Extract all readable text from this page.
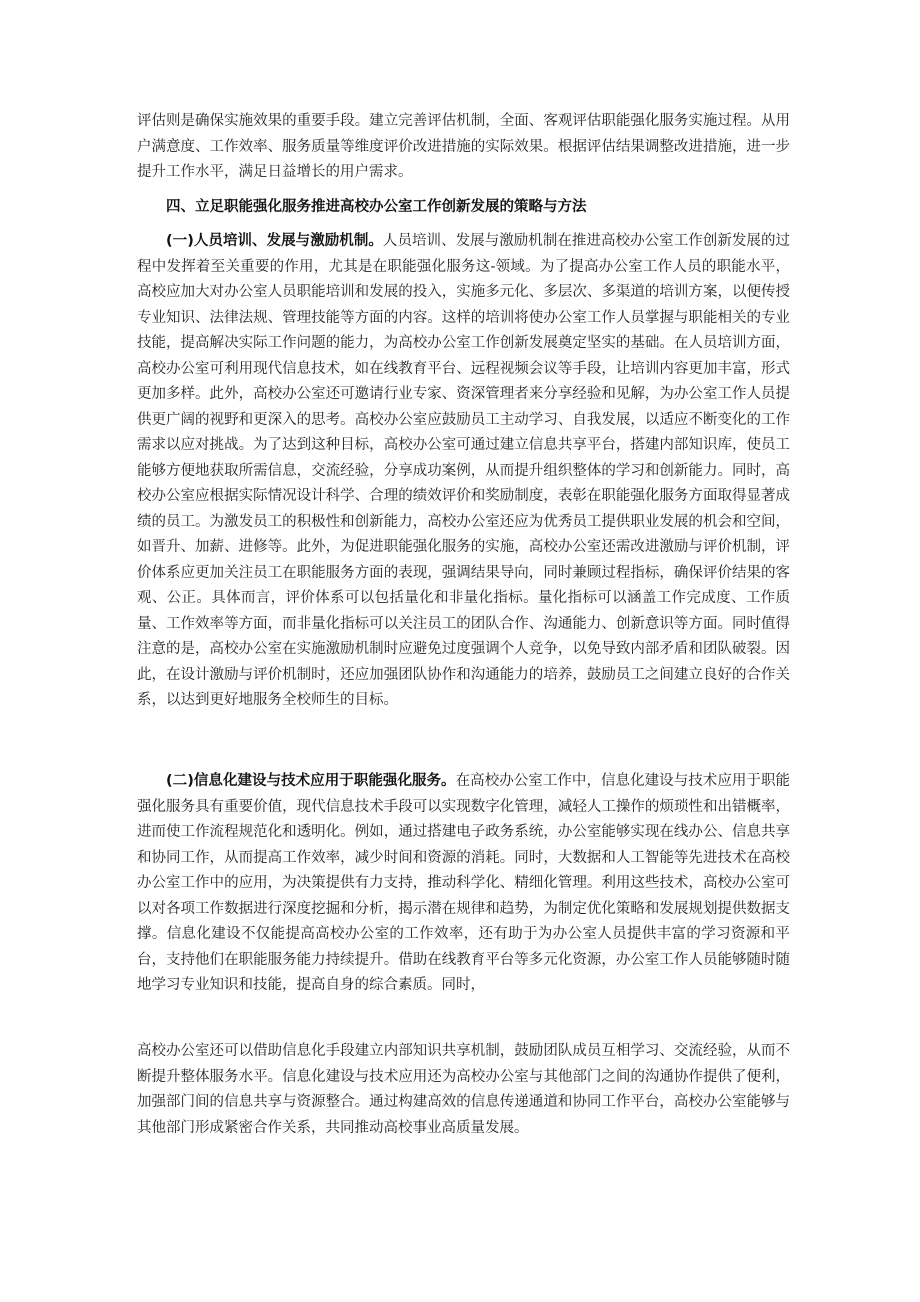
评估则是确保实施效果的重要手段。建立完善评估机制，全面、客观评估职能强化服务实施过程。从用户满意度、工作效率、服务质量等维度评价改进措施的实际效果。根据评估结果调整改进措施，进一步提升工作水平，满足日益增长的用户需求。

四、立足职能强化服务推进高校办公室工作创新发展的策略与方法

(一)人员培训、发展与激励机制。人员培训、发展与激励机制在推进高校办公室工作创新发展的过程中发挥着至关重要的作用，尤其是在职能强化服务这-领域。为了提高办公室工作人员的职能水平，高校应加大对办公室人员职能培训和发展的投入，实施多元化、多层次、多渠道的培训方案，以便传授专业知识、法律法规、管理技能等方面的内容。这样的培训将使办公室工作人员掌握与职能相关的专业技能，提高解决实际工作问题的能力，为高校办公室工作创新发展奠定坚实的基础。在人员培训方面，高校办公室可利用现代信息技术，如在线教育平台、远程视频会议等手段，让培训内容更加丰富，形式更加多样。此外，高校办公室还可邀请行业专家、资深管理者来分享经验和见解，为办公室工作人员提供更广阔的视野和更深入的思考。高校办公室应鼓励员工主动学习、自我发展，以适应不断变化的工作需求以应对挑战。为了达到这种目标，高校办公室可通过建立信息共享平台，搭建内部知识库，使员工能够方便地获取所需信息，交流经验，分享成功案例，从而提升组织整体的学习和创新能力。同时，高校办公室应根据实际情况设计科学、合理的绩效评价和奖励制度，表彰在职能强化服务方面取得显著成绩的员工。为激发员工的积极性和创新能力，高校办公室还应为优秀员工提供职业发展的机会和空间，如晋升、加薪、进修等。此外，为促进职能强化服务的实施，高校办公室还需改进激励与评价机制，评价体系应更加关注员工在职能服务方面的表现，强调结果导向，同时兼顾过程指标，确保评价结果的客观、公正。具体而言，评价体系可以包括量化和非量化指标。量化指标可以涵盖工作完成度、工作质量、工作效率等方面，而非量化指标可以关注员工的团队合作、沟通能力、创新意识等方面。同时值得注意的是，高校办公室在实施激励机制时应避免过度强调个人竞争，以免导致内部矛盾和团队破裂。因此，在设计激励与评价机制时，还应加强团队协作和沟通能力的培养，鼓励员工之间建立良好的合作关系，以达到更好地服务全校师生的目标。

(二)信息化建设与技术应用于职能强化服务。在高校办公室工作中，信息化建设与技术应用于职能强化服务具有重要价值，现代信息技术手段可以实现数字化管理，减轻人工操作的烦琐性和出错概率，进而使工作流程规范化和透明化。例如，通过搭建电子政务系统，办公室能够实现在线办公、信息共享和协同工作，从而提高工作效率，减少时间和资源的消耗。同时，大数据和人工智能等先进技术在高校办公室工作中的应用，为决策提供有力支持，推动科学化、精细化管理。利用这些技术，高校办公室可以对各项工作数据进行深度挖掘和分析，揭示潜在规律和趋势，为制定优化策略和发展规划提供数据支撑。信息化建设不仅能提高高校办公室的工作效率，还有助于为办公室人员提供丰富的学习资源和平台，支持他们在职能服务能力持续提升。借助在线教育平台等多元化资源，办公室工作人员能够随时随地学习专业知识和技能，提高自身的综合素质。同时，

高校办公室还可以借助信息化手段建立内部知识共享机制，鼓励团队成员互相学习、交流经验，从而不断提升整体服务水平。信息化建设与技术应用还为高校办公室与其他部门之间的沟通协作提供了便利，加强部门间的信息共享与资源整合。通过构建高效的信息传递通道和协同工作平台，高校办公室能够与其他部门形成紧密合作关系，共同推动高校事业高质量发展。
